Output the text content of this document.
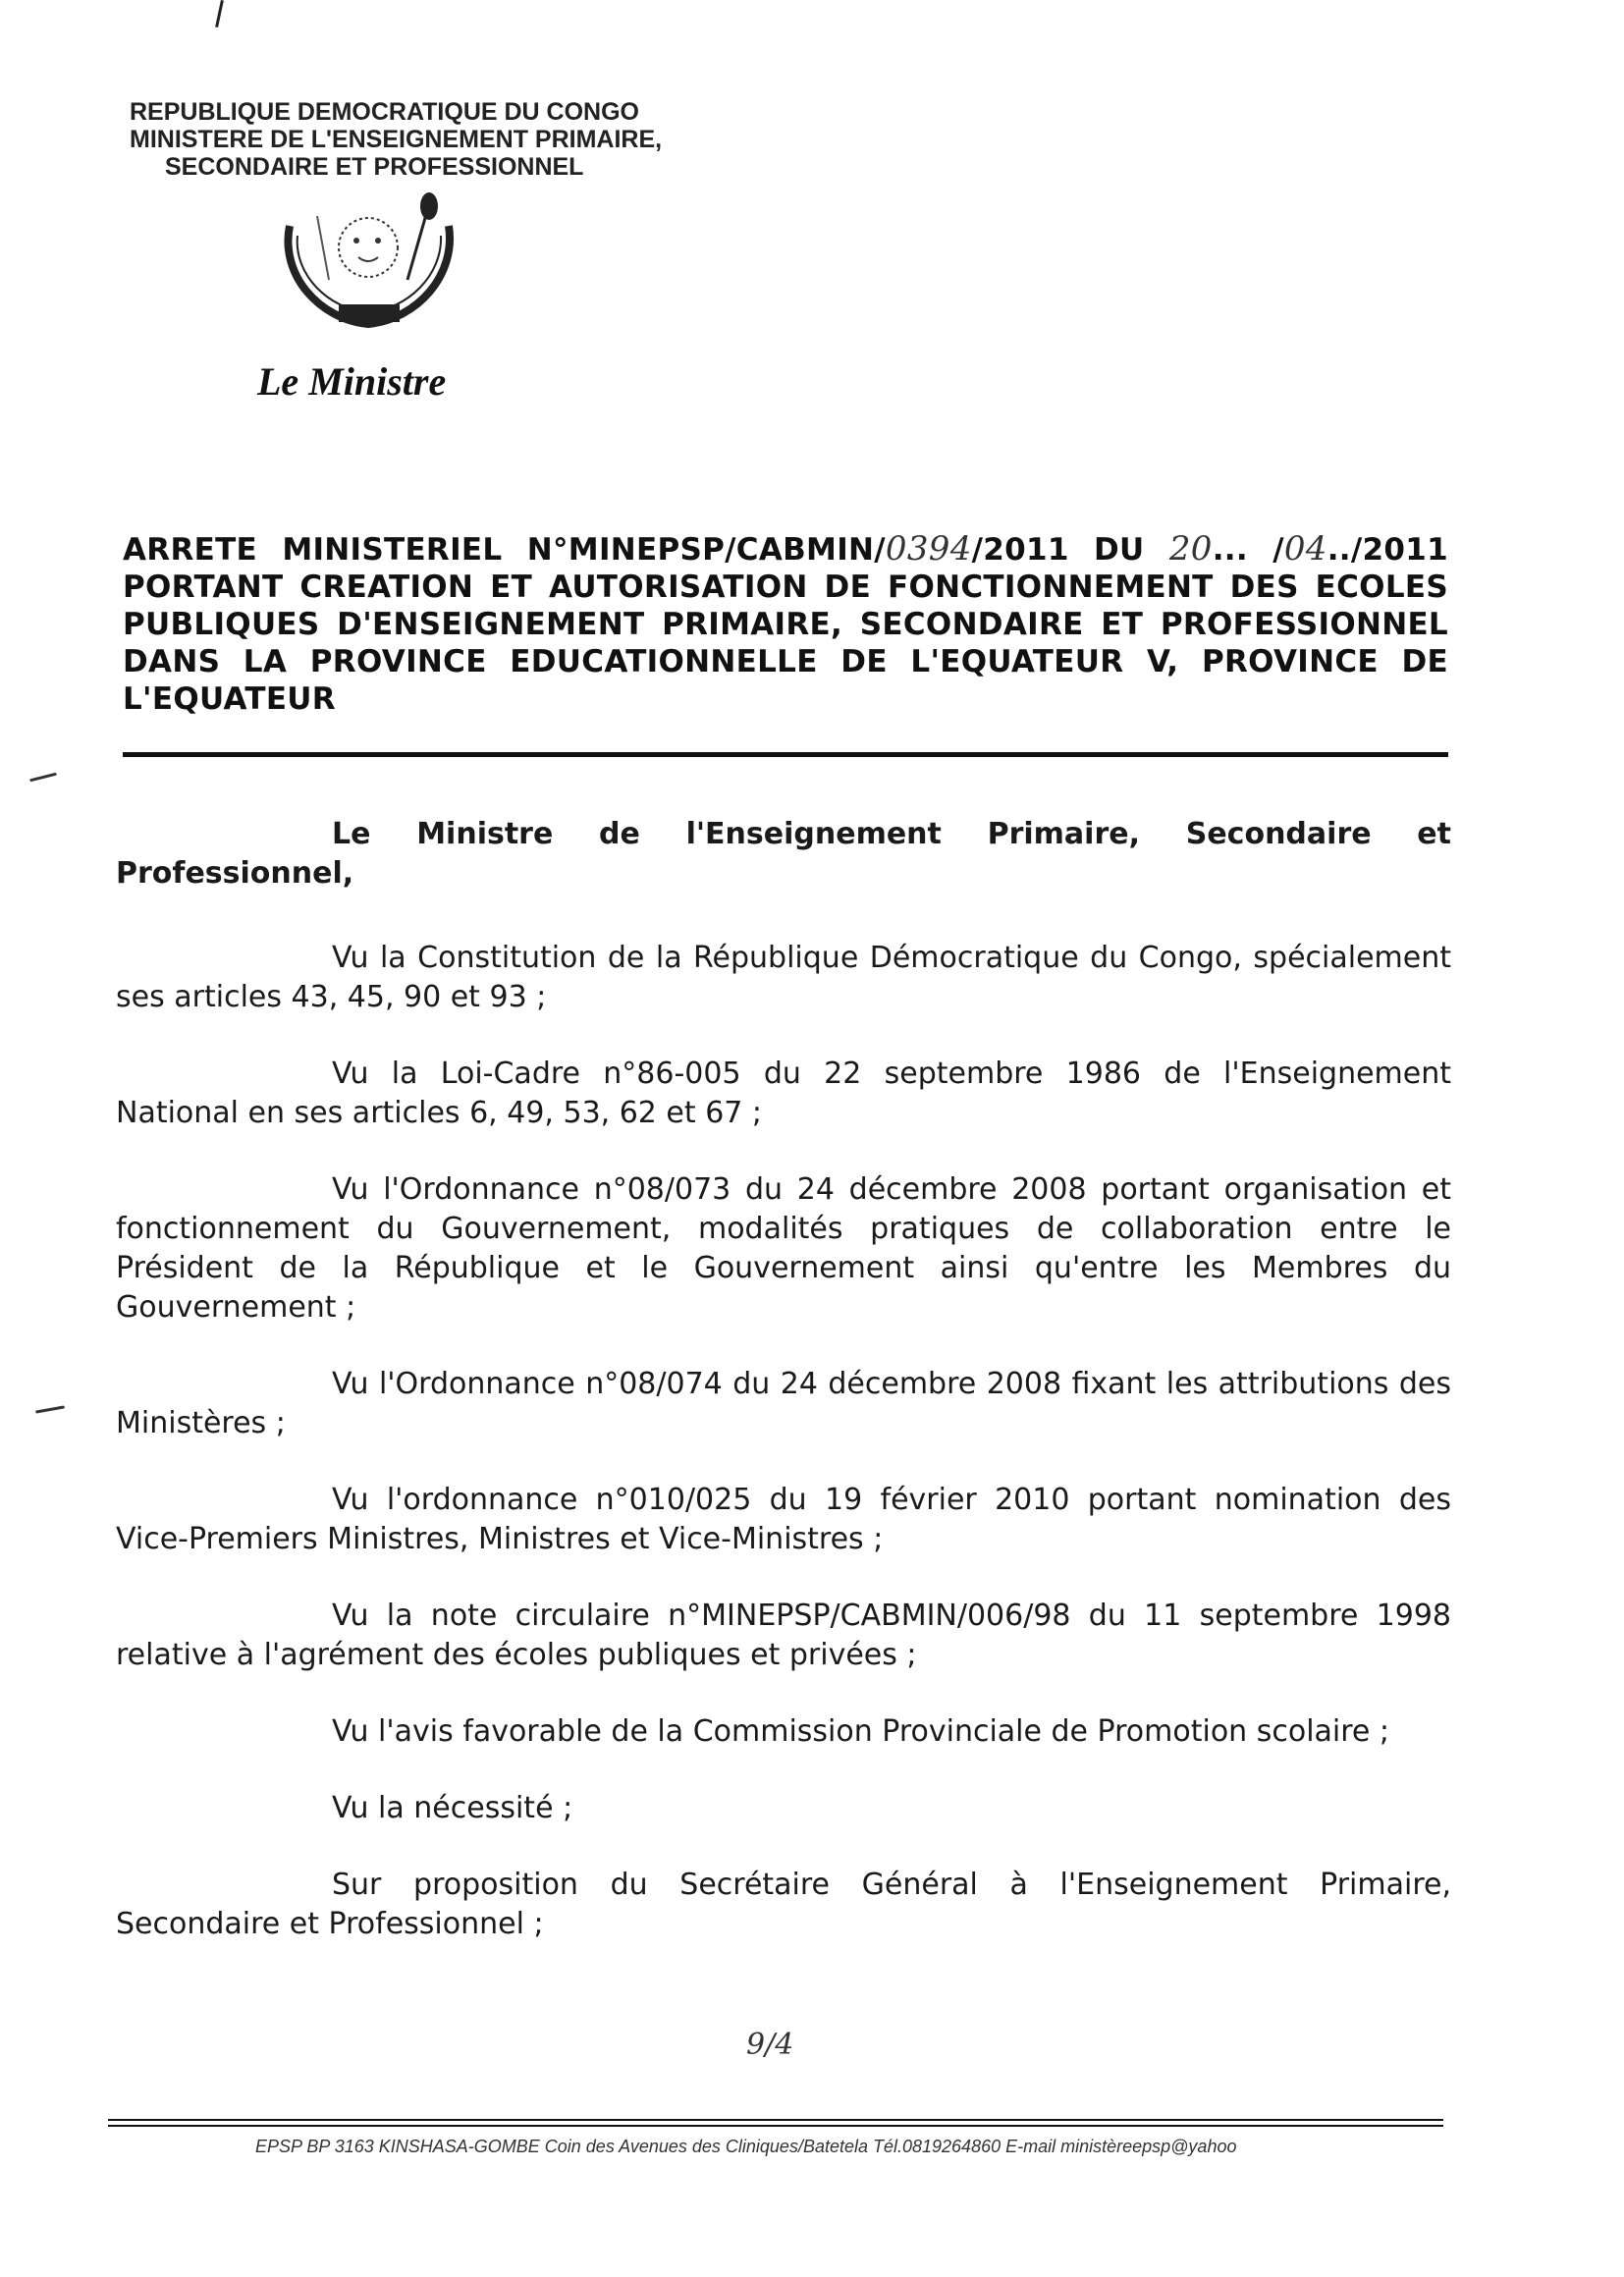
REPUBLIQUE DEMOCRATIQUE DU CONGO
MINISTERE DE L'ENSEIGNEMENT PRIMAIRE,
SECONDAIRE ET PROFESSIONNEL
Le Ministre
ARRETE MINISTERIEL N°MINEPSP/CABMIN/0394/2011 DU 20... /04../2011
PORTANT CREATION ET AUTORISATION DE FONCTIONNEMENT DES ECOLES
PUBLIQUES D'ENSEIGNEMENT PRIMAIRE, SECONDAIRE ET PROFESSIONNEL
DANS LA PROVINCE EDUCATIONNELLE DE L'EQUATEUR V, PROVINCE DE
L'EQUATEUR
Le Ministre de l'Enseignement Primaire, Secondaire et Professionnel,
Vu la Constitution de la République Démocratique du Congo, spécialement ses articles 43, 45, 90 et 93 ;
Vu la Loi-Cadre n°86-005 du 22 septembre 1986 de l'Enseignement National en ses articles 6, 49, 53, 62 et 67 ;
Vu l'Ordonnance n°08/073 du 24 décembre 2008 portant organisation et fonctionnement du Gouvernement, modalités pratiques de collaboration entre le Président de la République et le Gouvernement ainsi qu'entre les Membres du Gouvernement ;
Vu l'Ordonnance n°08/074 du 24 décembre 2008 fixant les attributions des Ministères ;
Vu l'ordonnance n°010/025 du 19 février 2010 portant nomination des Vice-Premiers Ministres, Ministres et Vice-Ministres ;
Vu la note circulaire n°MINEPSP/CABMIN/006/98 du 11 septembre 1998 relative à l'agrément des écoles publiques et privées ;
Vu l'avis favorable de la Commission Provinciale de Promotion scolaire ;
Vu la nécessité ;
Sur proposition du Secrétaire Général à l'Enseignement Primaire, Secondaire et Professionnel ;
9/4
EPSP BP 3163 KINSHASA-GOMBE Coin des Avenues des Cliniques/Batetela Tél.0819264860 E-mail ministèreepsp@yahoo
